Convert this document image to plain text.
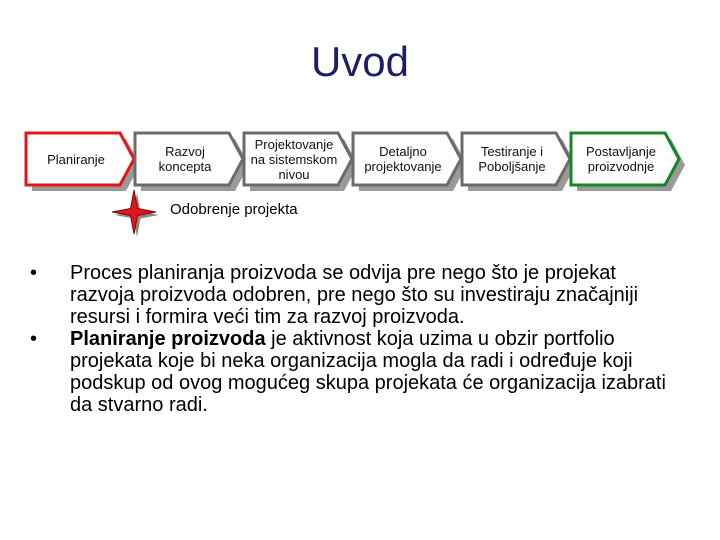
Uvod
Planiranje	Razvoj koncepta
Projektovanje na sistemskom nivou
Detaljno projektovanje
Testiranje i Poboljšanje
Postavljanje proizvodnje
Odobrenje projekta
• Proces planiranja proizvoda se odvija pre nego što je projekat razvoja proizvoda odobren, pre nego što su investiraju značajniji resursi i formira veći tim za razvoj proizvoda.
• Planiranje proizvoda je aktivnost koja uzima u obzir portfolio projekata koje bi neka organizacija mogla da radi i određuje koji podskup od ovog mogućeg skupa projekata će organizacija izabrati da stvarno radi.
